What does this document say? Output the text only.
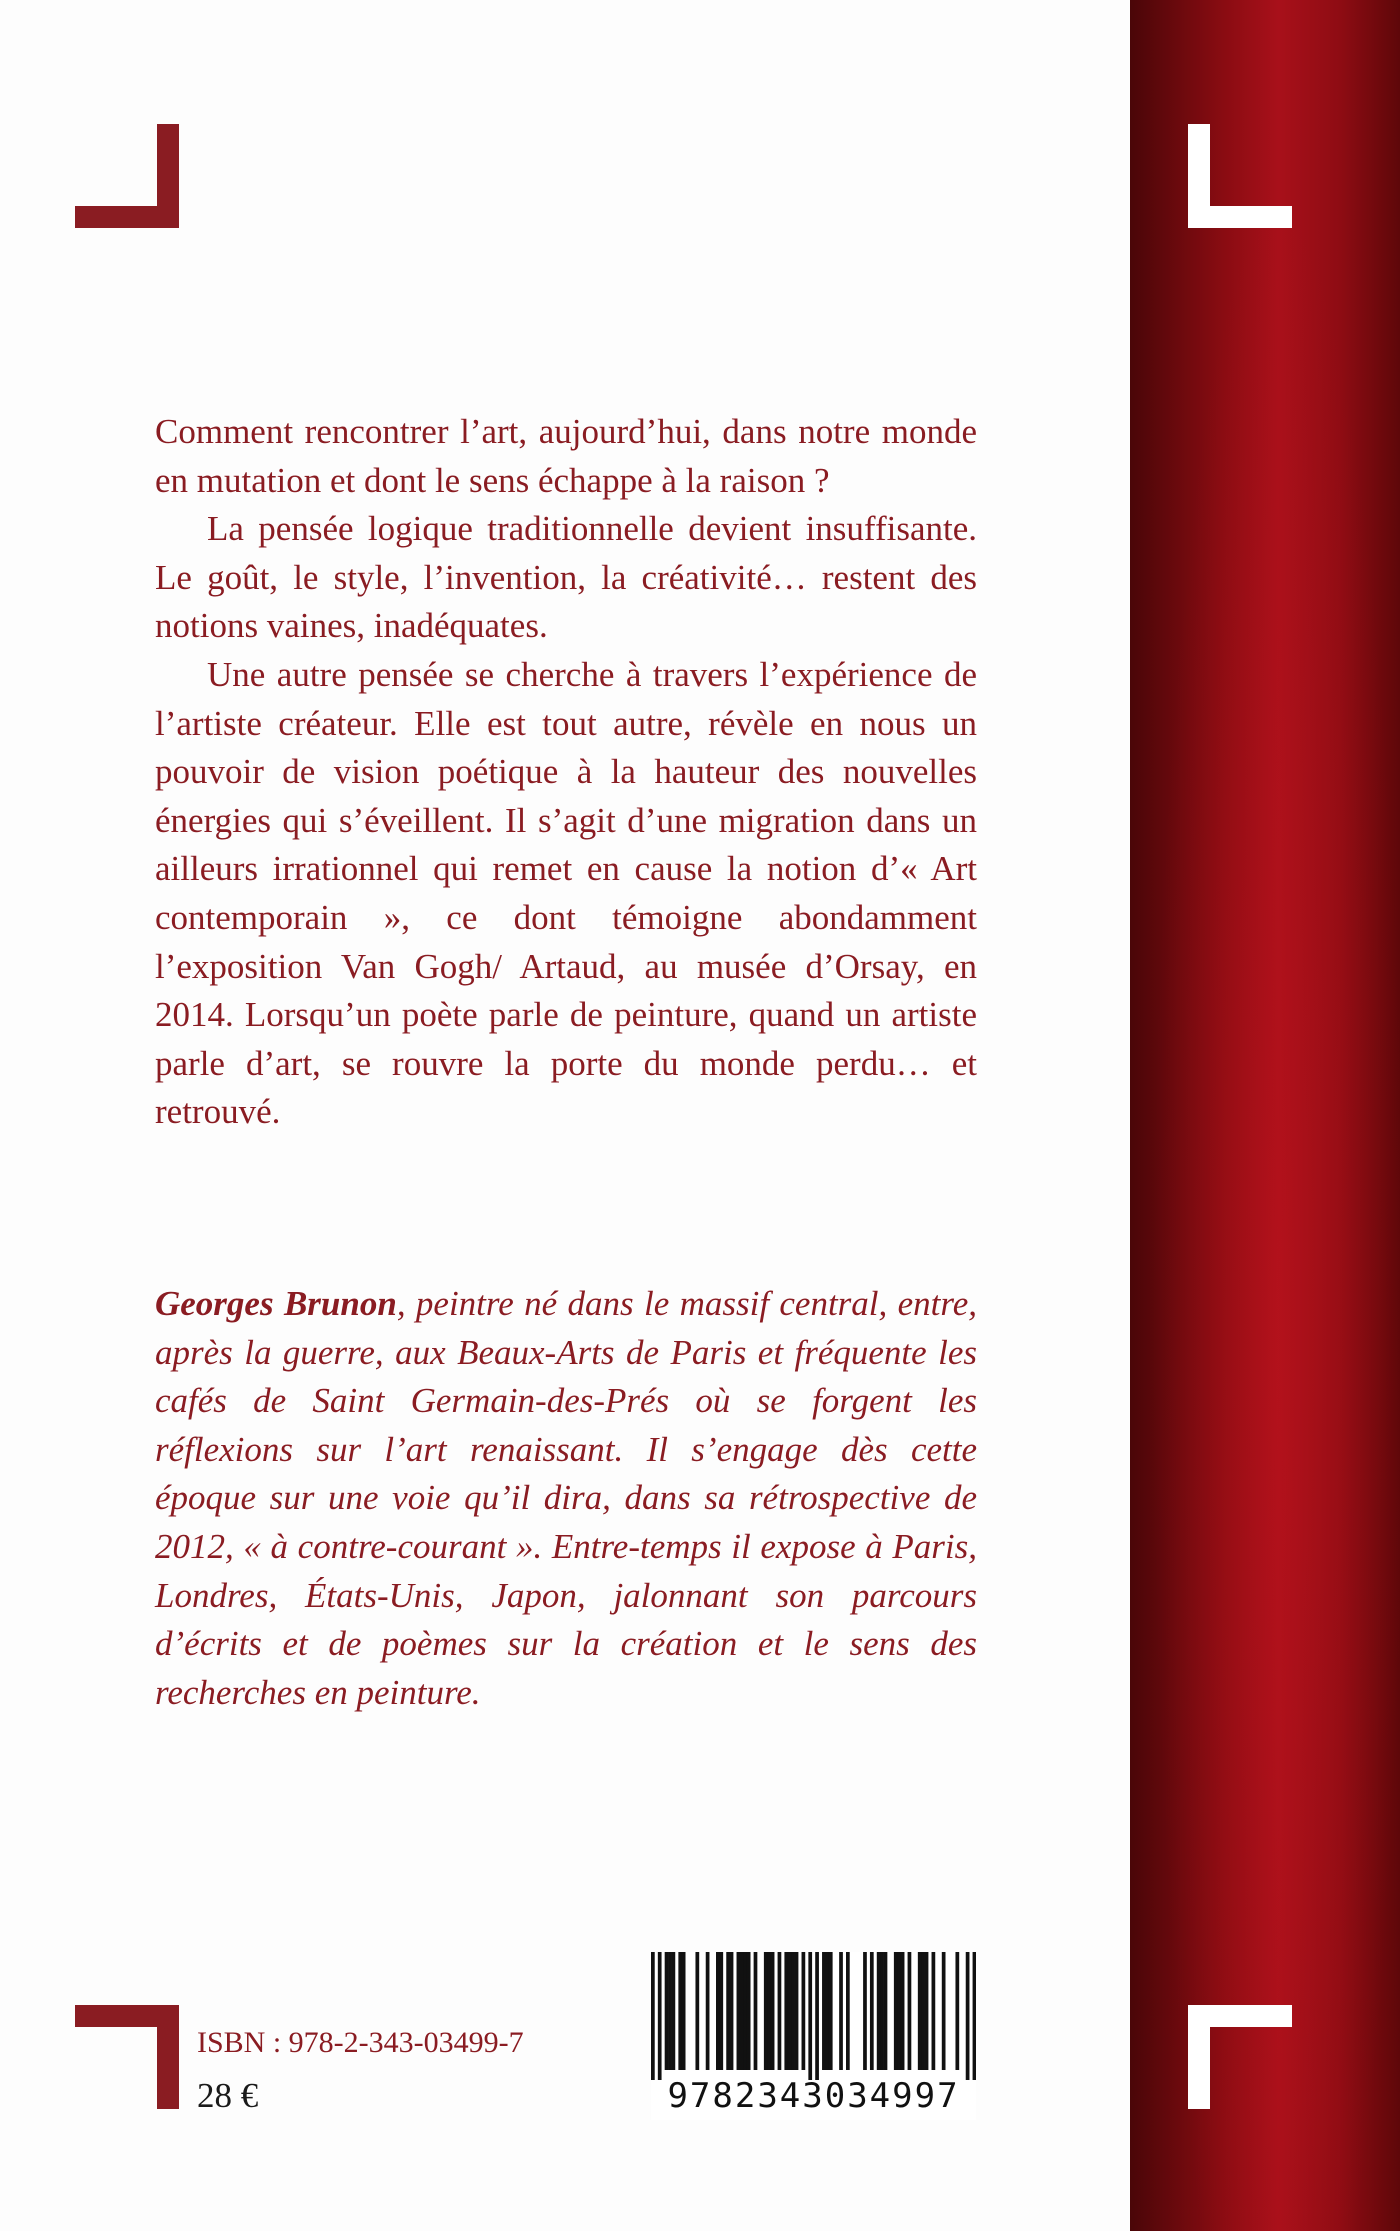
Comment rencontrer l’art, aujourd’hui, dans notre monde en mutation et dont le sens échappe à la raison ?

La pensée logique traditionnelle devient insuffisante. Le goût, le style, l’invention, la créativité… restent des notions vaines, inadéquates.

Une autre pensée se cherche à travers l’expérience de l’artiste créateur. Elle est tout autre, révèle en nous un pouvoir de vision poétique à la hauteur des nouvelles énergies qui s’éveillent. Il s’agit d’une migration dans un ailleurs irrationnel qui remet en cause la notion d’« Art contemporain », ce dont témoigne abondamment l’exposition Van Gogh/ Artaud, au musée d’Orsay, en 2014. Lorsqu’un poète parle de peinture, quand un artiste parle d’art, se rouvre la porte du monde perdu… et retrouvé.

Georges Brunon, peintre né dans le massif central, entre, après la guerre, aux Beaux-Arts de Paris et fréquente les cafés de Saint Germain-des-Prés où se forgent les réflexions sur l’art renaissant. Il s’engage dès cette époque sur une voie qu’il dira, dans sa rétrospective de 2012, « à contre-courant ». Entre-temps il expose à Paris, Londres, États-Unis, Japon, jalonnant son parcours d’écrits et de poèmes sur la création et le sens des recherches en peinture.

ISBN : 978-2-343-03499-7
28 €	9782343034997
